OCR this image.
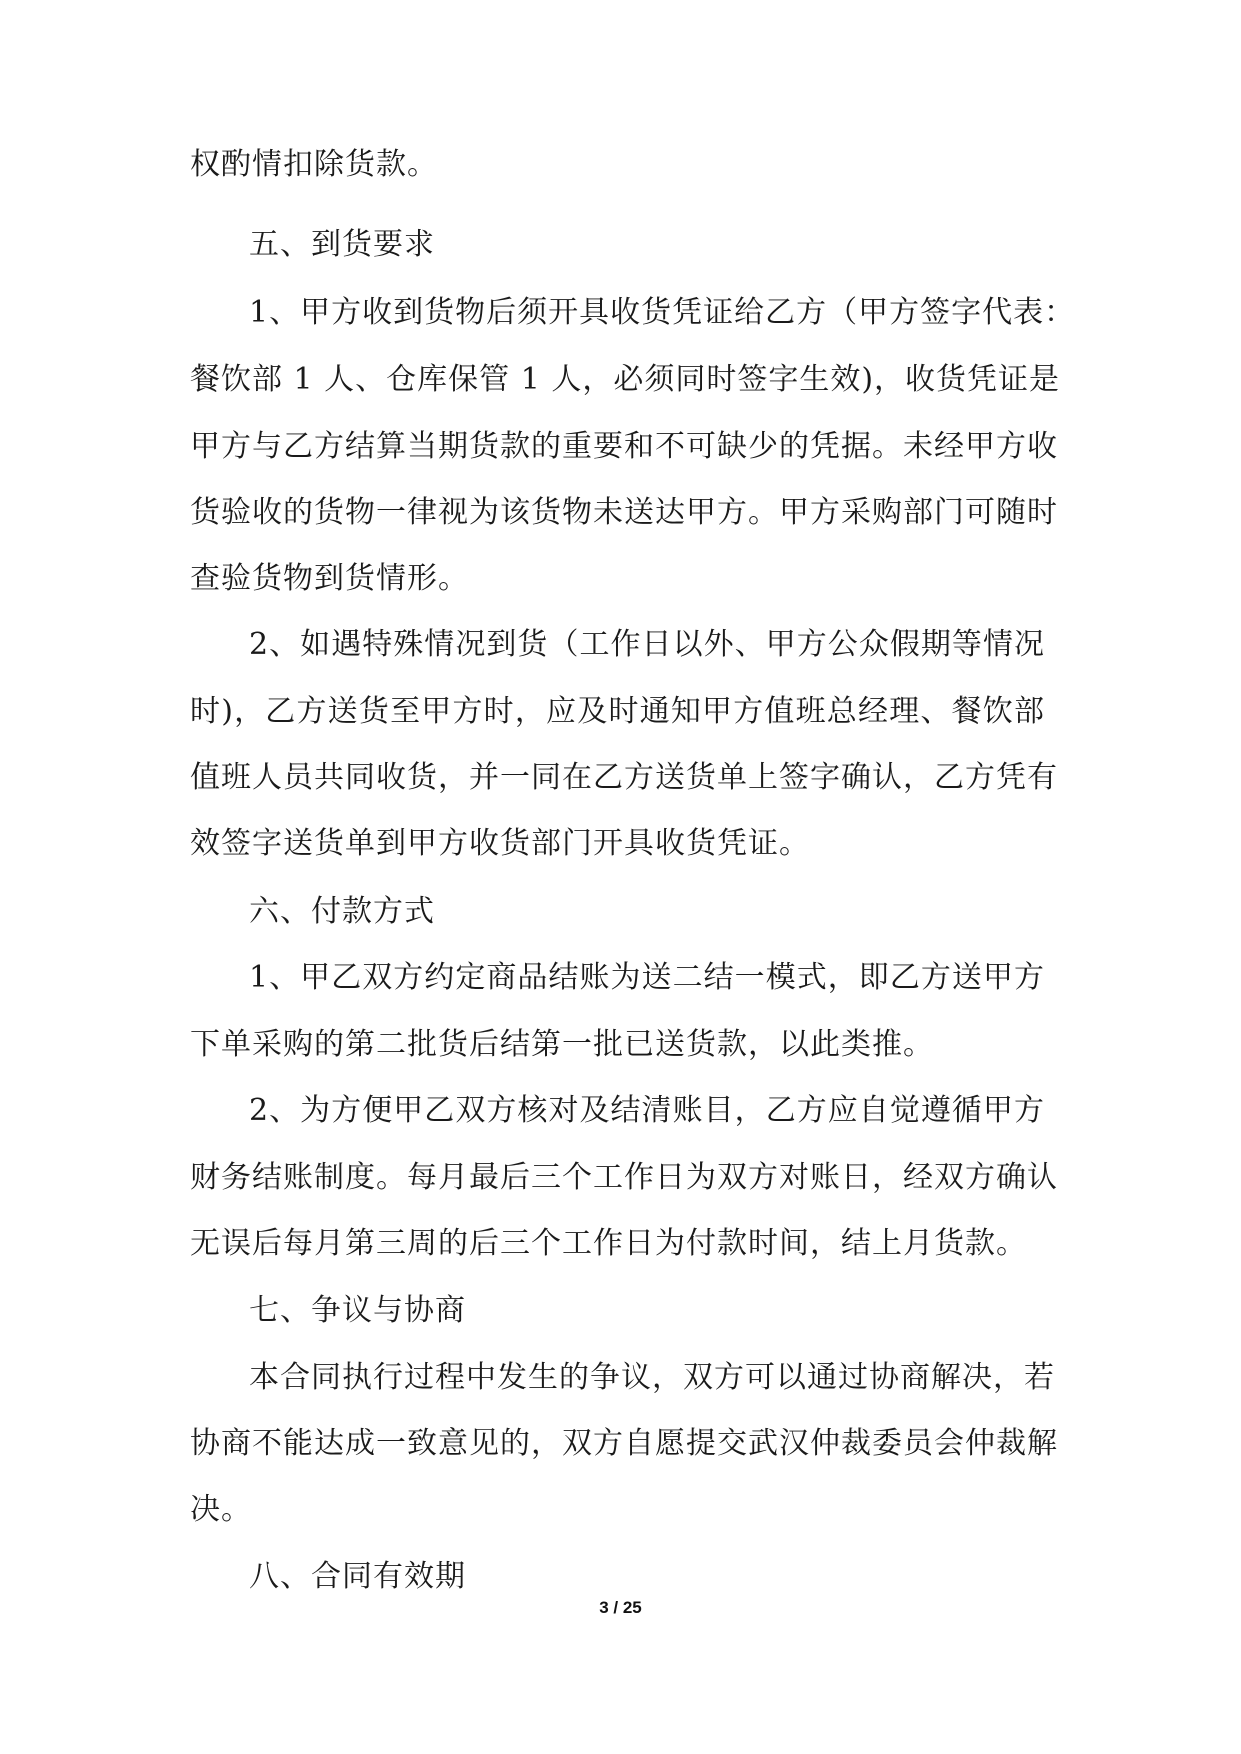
权酌情扣除货款。
五、到货要求
1、甲方收到货物后须开具收货凭证给乙方（甲方签字代表：
餐饮部 1 人、仓库保管 1 人，必须同时签字生效)，收货凭证是
甲方与乙方结算当期货款的重要和不可缺少的凭据。未经甲方收
货验收的货物一律视为该货物未送达甲方。甲方采购部门可随时
查验货物到货情形。
2、如遇特殊情况到货（工作日以外、甲方公众假期等情况
时)，乙方送货至甲方时，应及时通知甲方值班总经理、餐饮部
值班人员共同收货，并一同在乙方送货单上签字确认，乙方凭有
效签字送货单到甲方收货部门开具收货凭证。
六、付款方式
1、甲乙双方约定商品结账为送二结一模式，即乙方送甲方
下单采购的第二批货后结第一批已送货款，以此类推。
2、为方便甲乙双方核对及结清账目，乙方应自觉遵循甲方
财务结账制度。每月最后三个工作日为双方对账日，经双方确认
无误后每月第三周的后三个工作日为付款时间，结上月货款。
七、争议与协商
本合同执行过程中发生的争议，双方可以通过协商解决，若
协商不能达成一致意见的，双方自愿提交武汉仲裁委员会仲裁解
决。
八、合同有效期
3 / 25
